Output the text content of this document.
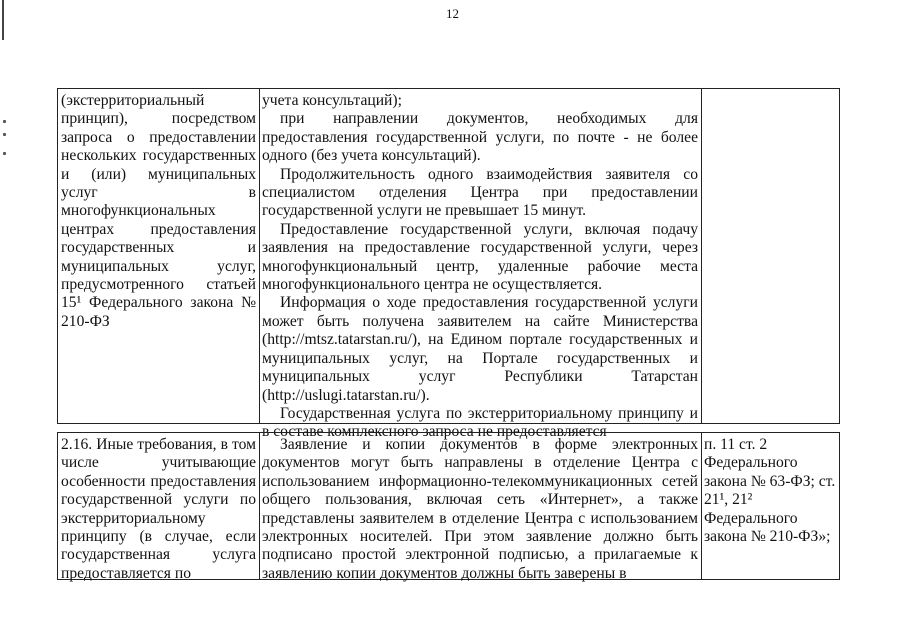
12
(экстерриториальный принцип), посредством запроса о предоставлении нескольких государственных и (или) муниципальных услуг в многофункциональных центрах предоставления государственных и муниципальных услуг, предусмотренного статьей 15¹ Федерального закона № 210-ФЗ

учета консультаций);

при направлении документов, необходимых для предоставления государственной услуги, по почте - не более одного (без учета консультаций).

Продолжительность одного взаимодействия заявителя со специалистом отделения Центра при предоставлении государственной услуги не превышает 15 минут.

Предоставление государственной услуги, включая подачу заявления на предоставление государственной услуги, через многофункциональный центр, удаленные рабочие места многофункционального центра не осуществляется.

Информация о ходе предоставления государственной услуги может быть получена заявителем на сайте Министерства (http://mtsz.tatarstan.ru/), на Едином портале государственных и муниципальных услуг, на Портале государственных и муниципальных услуг Республики Татарстан (http://uslugi.tatarstan.ru/).

Государственная услуга по экстерриториальному принципу и в составе комплексного запроса не предоставляется

2.16. Иные требования, в том числе учитывающие особенности предоставления государственной услуги по экстерриториальному принципу (в случае, если государственная услуга предоставляется по

Заявление и копии документов в форме электронных документов могут быть направлены в отделение Центра с использованием информационно-телекоммуникационных сетей общего пользования, включая сеть «Интернет», а также представлены заявителем в отделение Центра с использованием электронных носителей. При этом заявление должно быть подписано простой электронной подписью, а прилагаемые к заявлению копии документов должны быть заверены в

п. 11 ст. 2 Федерального закона № 63-ФЗ; ст. 21¹, 21² Федерального закона № 210-ФЗ»;
